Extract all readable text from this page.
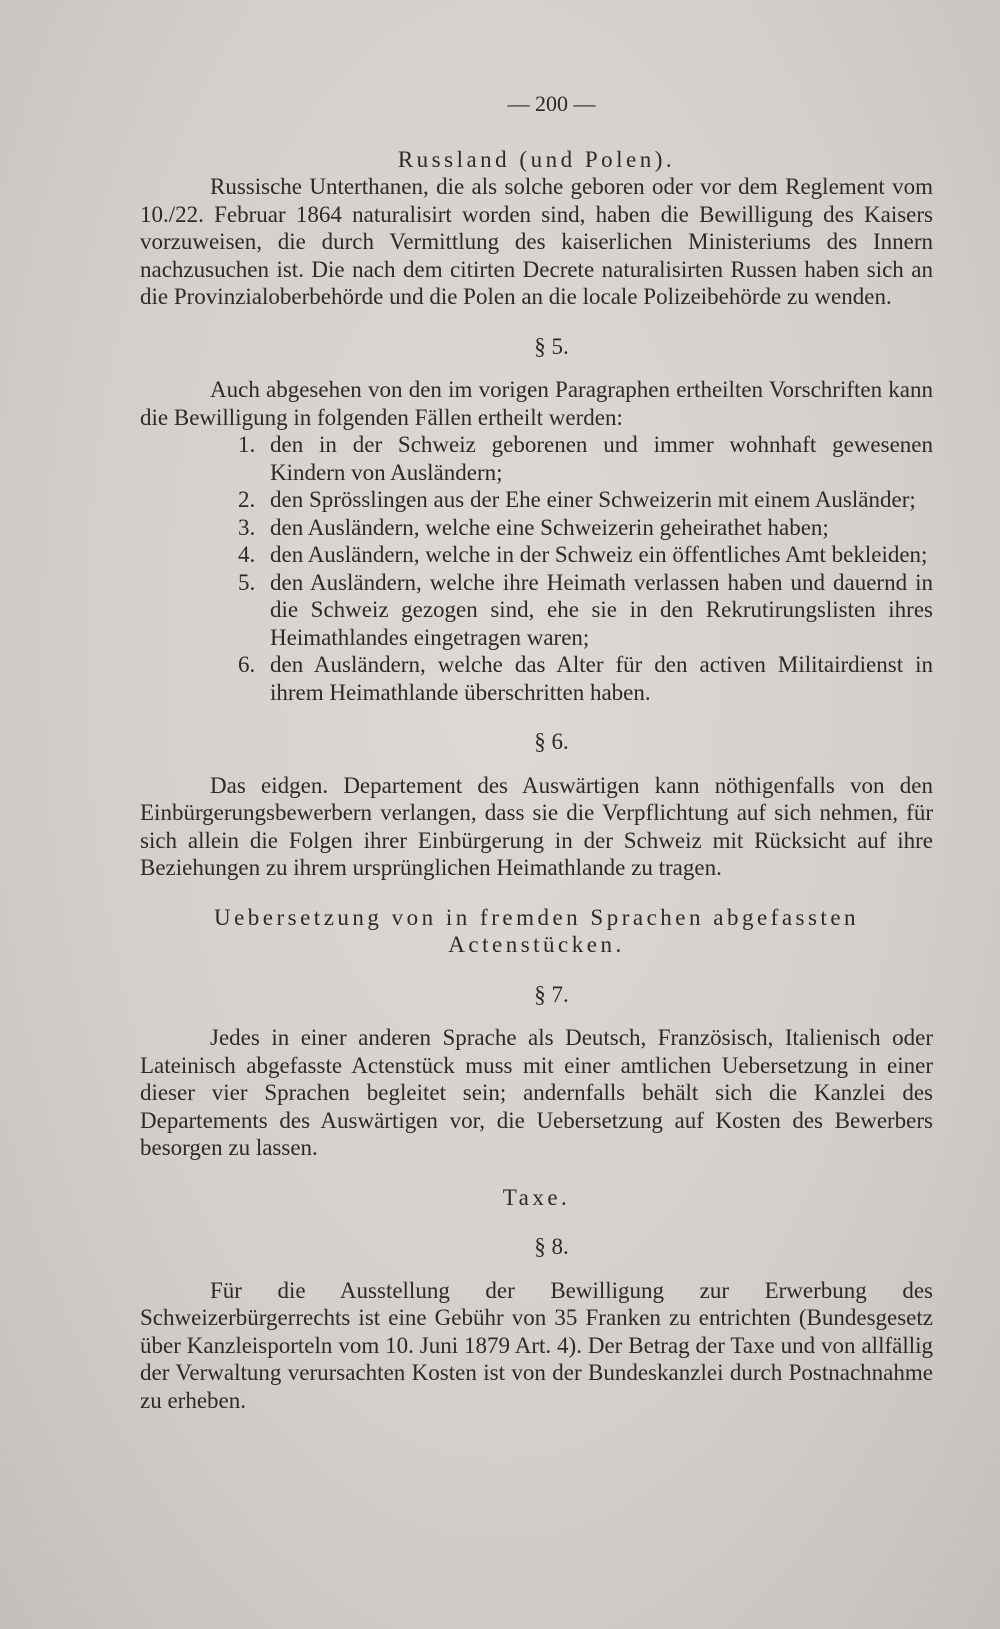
— 200 —
Russland (und Polen).

Russische Unterthanen, die als solche geboren oder vor dem Reglement vom 10./22. Februar 1864 naturalisirt worden sind, haben die Bewilligung des Kaisers vorzuweisen, die durch Vermittlung des kaiserlichen Ministeriums des Innern nachzusuchen ist. Die nach dem citirten Decrete naturalisirten Russen haben sich an die Provinzialoberbehörde und die Polen an die locale Polizeibehörde zu wenden.

§ 5.

Auch abgesehen von den im vorigen Paragraphen ertheilten Vorschriften kann die Bewilligung in folgenden Fällen ertheilt werden:

1. den in der Schweiz geborenen und immer wohnhaft gewesenen Kindern von Ausländern;
2. den Sprösslingen aus der Ehe einer Schweizerin mit einem Ausländer;
3. den Ausländern, welche eine Schweizerin geheirathet haben;
4. den Ausländern, welche in der Schweiz ein öffentliches Amt bekleiden;
5. den Ausländern, welche ihre Heimath verlassen haben und dauernd in die Schweiz gezogen sind, ehe sie in den Rekrutirungslisten ihres Heimathlandes eingetragen waren;
6. den Ausländern, welche das Alter für den activen Militairdienst in ihrem Heimathlande überschritten haben.
§ 6.

Das eidgen. Departement des Auswärtigen kann nöthigenfalls von den Einbürgerungsbewerbern verlangen, dass sie die Verpflichtung auf sich nehmen, für sich allein die Folgen ihrer Einbürgerung in der Schweiz mit Rücksicht auf ihre Beziehungen zu ihrem ursprünglichen Heimathlande zu tragen.

Uebersetzung von in fremden Sprachen abgefassten
Actenstücken.
§ 7.

Jedes in einer anderen Sprache als Deutsch, Französisch, Italienisch oder Lateinisch abgefasste Actenstück muss mit einer amtlichen Uebersetzung in einer dieser vier Sprachen begleitet sein; andernfalls behält sich die Kanzlei des Departements des Auswärtigen vor, die Uebersetzung auf Kosten des Bewerbers besorgen zu lassen.

Taxe.
§ 8.

Für die Ausstellung der Bewilligung zur Erwerbung des Schweizerbürgerrechts ist eine Gebühr von 35 Franken zu entrichten (Bundesgesetz über Kanzleisporteln vom 10. Juni 1879 Art. 4). Der Betrag der Taxe und von allfällig der Verwaltung verursachten Kosten ist von der Bundeskanzlei durch Postnachnahme zu erheben.
